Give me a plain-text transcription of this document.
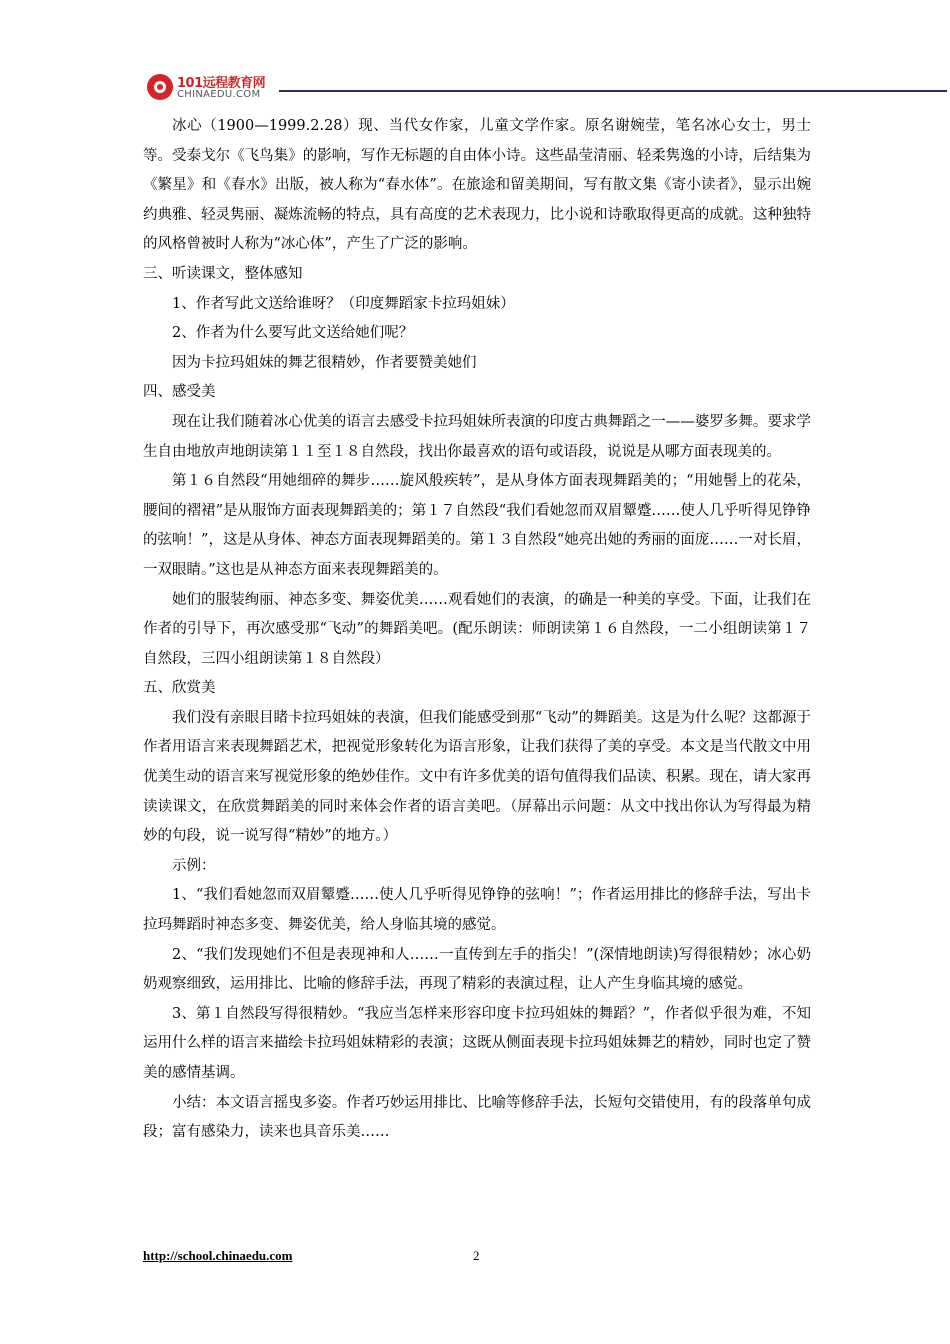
101远程教育网
CHINAEDU.COM

冰心（1900—1999.2.28）现、当代女作家，儿童文学作家。原名谢婉莹，笔名冰心女士，男士等。受泰戈尔《飞鸟集》的影响，写作无标题的自由体小诗。这些晶莹清丽、轻柔隽逸的小诗，后结集为《繁星》和《春水》出版，被人称为“春水体”。在旅途和留美期间，写有散文集《寄小读者》，显示出婉约典雅、轻灵隽丽、凝炼流畅的特点，具有高度的艺术表现力，比小说和诗歌取得更高的成就。这种独特的风格曾被时人称为“冰心体”，产生了广泛的影响。

三、听读课文，整体感知

1、作者写此文送给谁呀？（印度舞蹈家卡拉玛姐妹）

2、作者为什么要写此文送给她们呢？

因为卡拉玛姐妹的舞艺很精妙，作者要赞美她们

四、感受美

现在让我们随着冰心优美的语言去感受卡拉玛姐妹所表演的印度古典舞蹈之一——婆罗多舞。要求学生自由地放声地朗读第１１至１８自然段，找出你最喜欢的语句或语段，说说是从哪方面表现美的。

第１６自然段“用她细碎的舞步……旋风般疾转”，是从身体方面表现舞蹈美的；“用她髻上的花朵，腰间的褶裙”是从服饰方面表现舞蹈美的；第１７自然段“我们看她忽而双眉颦蹙……使人几乎听得见铮铮的弦响！”，这是从身体、神态方面表现舞蹈美的。第１３自然段“她亮出她的秀丽的面庞……一对长眉，一双眼睛。”这也是从神态方面来表现舞蹈美的。

她们的服装绚丽、神态多变、舞姿优美……观看她们的表演，的确是一种美的享受。下面，让我们在作者的引导下，再次感受那“飞动”的舞蹈美吧。(配乐朗读：师朗读第１６自然段，一二小组朗读第１７自然段，三四小组朗读第１８自然段）

五、欣赏美

我们没有亲眼目睹卡拉玛姐妹的表演，但我们能感受到那“飞动”的舞蹈美。这是为什么呢？这都源于作者用语言来表现舞蹈艺术，把视觉形象转化为语言形象，让我们获得了美的享受。本文是当代散文中用优美生动的语言来写视觉形象的绝妙佳作。文中有许多优美的语句值得我们品读、积累。现在，请大家再读读课文，在欣赏舞蹈美的同时来体会作者的语言美吧。（屏幕出示问题：从文中找出你认为写得最为精妙的句段，说一说写得“精妙”的地方。）

示例：

1、“我们看她忽而双眉颦蹙……使人几乎听得见铮铮的弦响！”；作者运用排比的修辞手法，写出卡拉玛舞蹈时神态多变、舞姿优美，给人身临其境的感觉。

2、“我们发现她们不但是表现神和人……一直传到左手的指尖！”(深情地朗读)写得很精妙；冰心奶奶观察细致，运用排比、比喻的修辞手法，再现了精彩的表演过程，让人产生身临其境的感觉。

3、第１自然段写得很精妙。“我应当怎样来形容印度卡拉玛姐妹的舞蹈？”，作者似乎很为难，不知运用什么样的语言来描绘卡拉玛姐妹精彩的表演；这既从侧面表现卡拉玛姐妹舞艺的精妙，同时也定了赞美的感情基调。

小结：本文语言摇曳多姿。作者巧妙运用排比、比喻等修辞手法，长短句交错使用，有的段落单句成段；富有感染力，读来也具音乐美……

http://school.chinaedu.com	2
